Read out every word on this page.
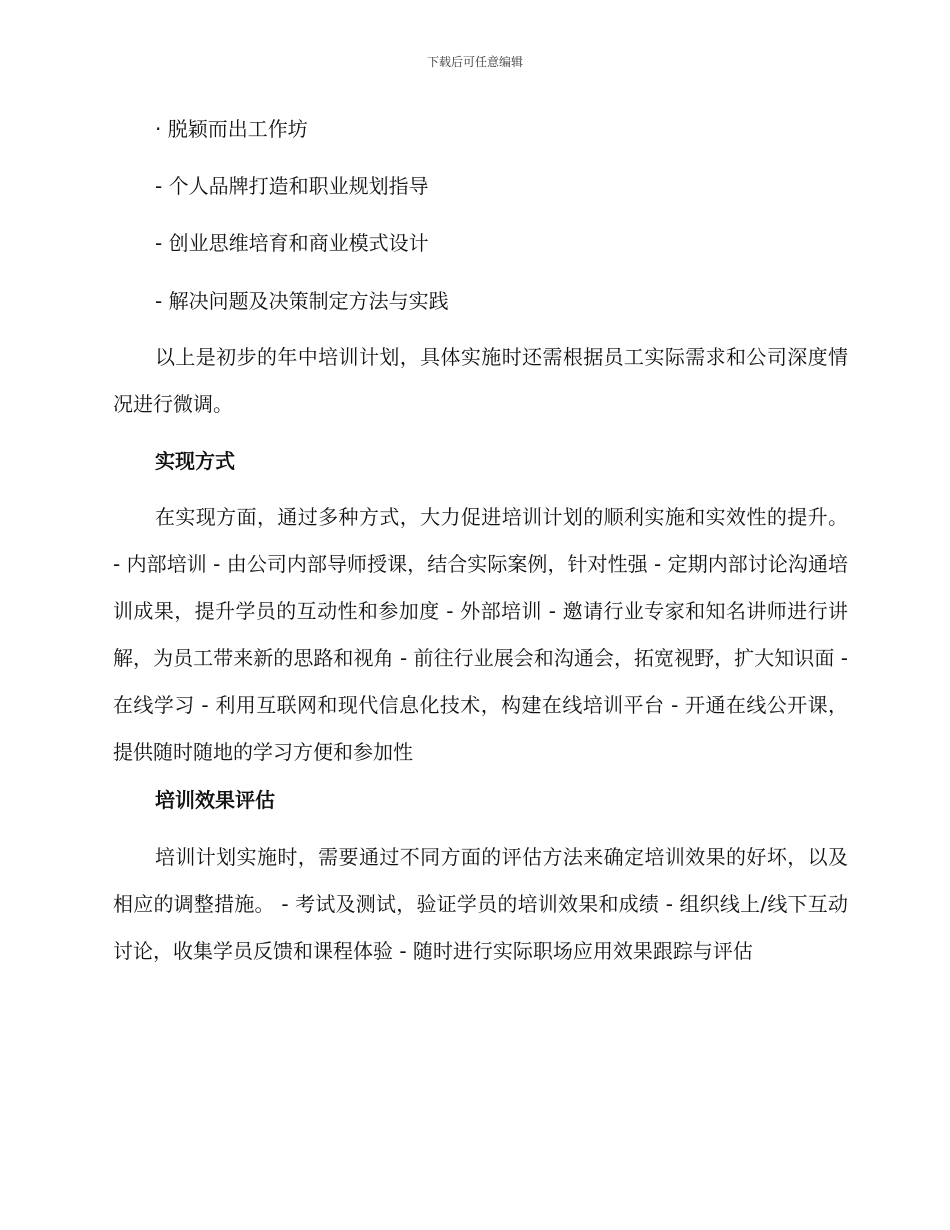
下载后可任意编辑
· 脱颖而出工作坊
- 个人品牌打造和职业规划指导
- 创业思维培育和商业模式设计
- 解决问题及决策制定方法与实践
以上是初步的年中培训计划，具体实施时还需根据员工实际需求和公司深度情况进行微调。
实现方式
在实现方面，通过多种方式，大力促进培训计划的顺利实施和实效性的提升。 - 内部培训 - 由公司内部导师授课，结合实际案例，针对性强 - 定期内部讨论沟通培训成果，提升学员的互动性和参加度 - 外部培训 - 邀请行业专家和知名讲师进行讲解，为员工带来新的思路和视角 - 前往行业展会和沟通会，拓宽视野，扩大知识面 - 在线学习 - 利用互联网和现代信息化技术，构建在线培训平台 - 开通在线公开课，提供随时随地的学习方便和参加性
培训效果评估
培训计划实施时，需要通过不同方面的评估方法来确定培训效果的好坏，以及相应的调整措施。 - 考试及测试，验证学员的培训效果和成绩 - 组织线上/线下互动讨论，收集学员反馈和课程体验 - 随时进行实际职场应用效果跟踪与评估
